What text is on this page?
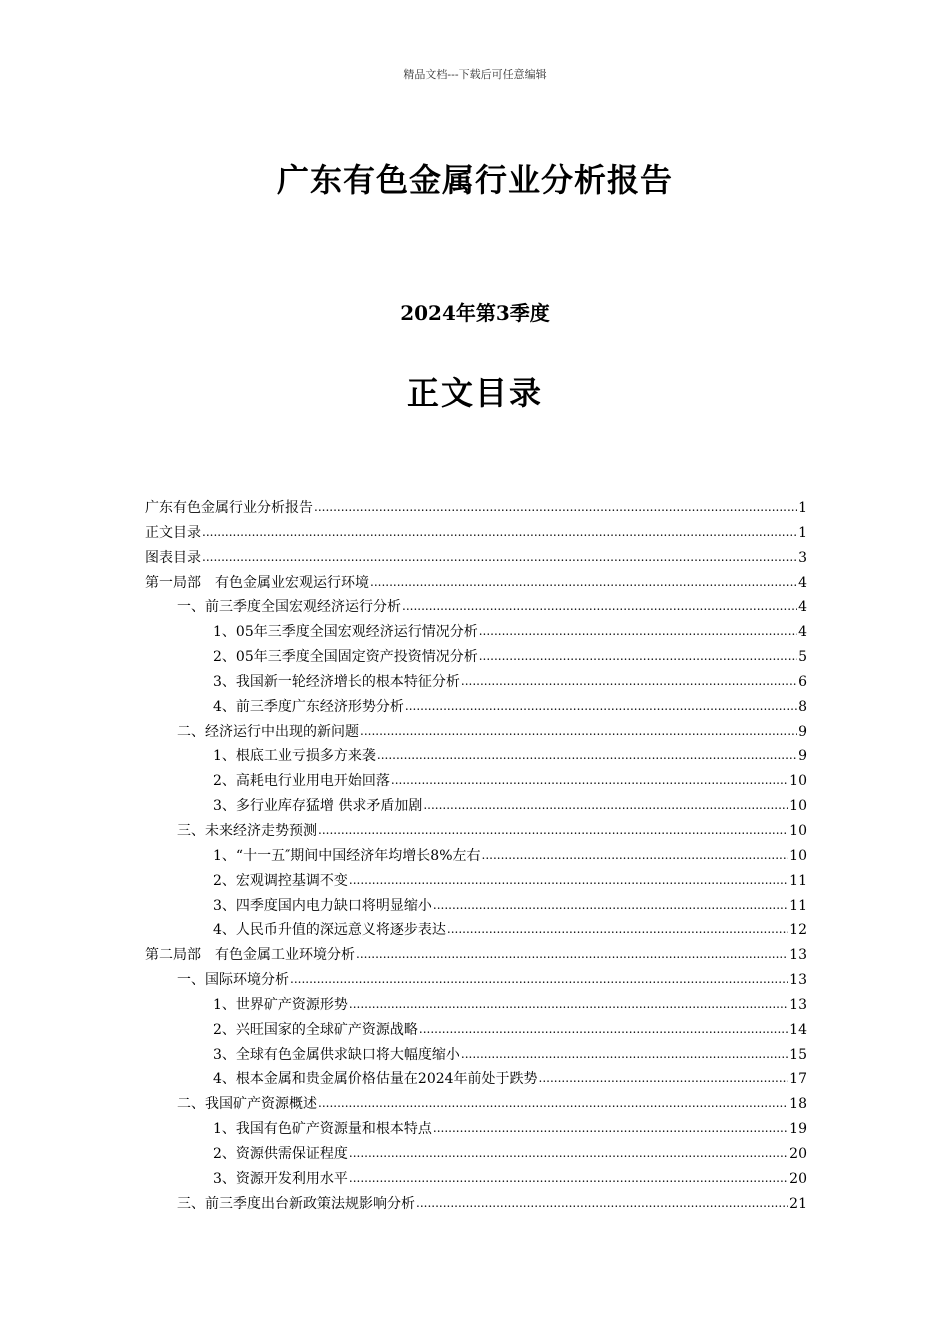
精品文档---下载后可任意编辑
广东有色金属行业分析报告
2024年第3季度
正文目录
广东有色金属行业分析报告 .....	1
正文目录 .....	1
图表目录 .....	3
第一局部　有色金属业宏观运行环境 .....	4
一、前三季度全国宏观经济运行分析 .....	4
1、05年三季度全国宏观经济运行情况分析 .....	4
2、05年三季度全国固定资产投资情况分析 .....	5
3、我国新一轮经济增长的根本特征分析 .....	6
4、前三季度广东经济形势分析 .....	8
二、经济运行中出现的新问题 .....	9
1、根底工业亏损多方来袭 .....	9
2、高耗电行业用电开始回落 .....	10
3、多行业库存猛增 供求矛盾加剧 .....	10
三、未来经济走势预测 .....	10
1、“十一五″期间中国经济年均增长8%左右 .....	10
2、宏观调控基调不变 .....	11
3、四季度国内电力缺口将明显缩小 .....	11
4、人民币升值的深远意义将逐步表达 .....	12
第二局部　有色金属工业环境分析 .....	13
一、国际环境分析 .....	13
1、世界矿产资源形势 .....	13
2、兴旺国家的全球矿产资源战略 .....	14
3、全球有色金属供求缺口将大幅度缩小 .....	15
4、根本金属和贵金属价格估量在2024年前处于跌势 .....	17
二、我国矿产资源概述 .....	18
1、我国有色矿产资源量和根本特点 .....	19
2、资源供需保证程度 .....	20
3、资源开发利用水平 .....	20
三、前三季度出台新政策法规影响分析 .....	21
